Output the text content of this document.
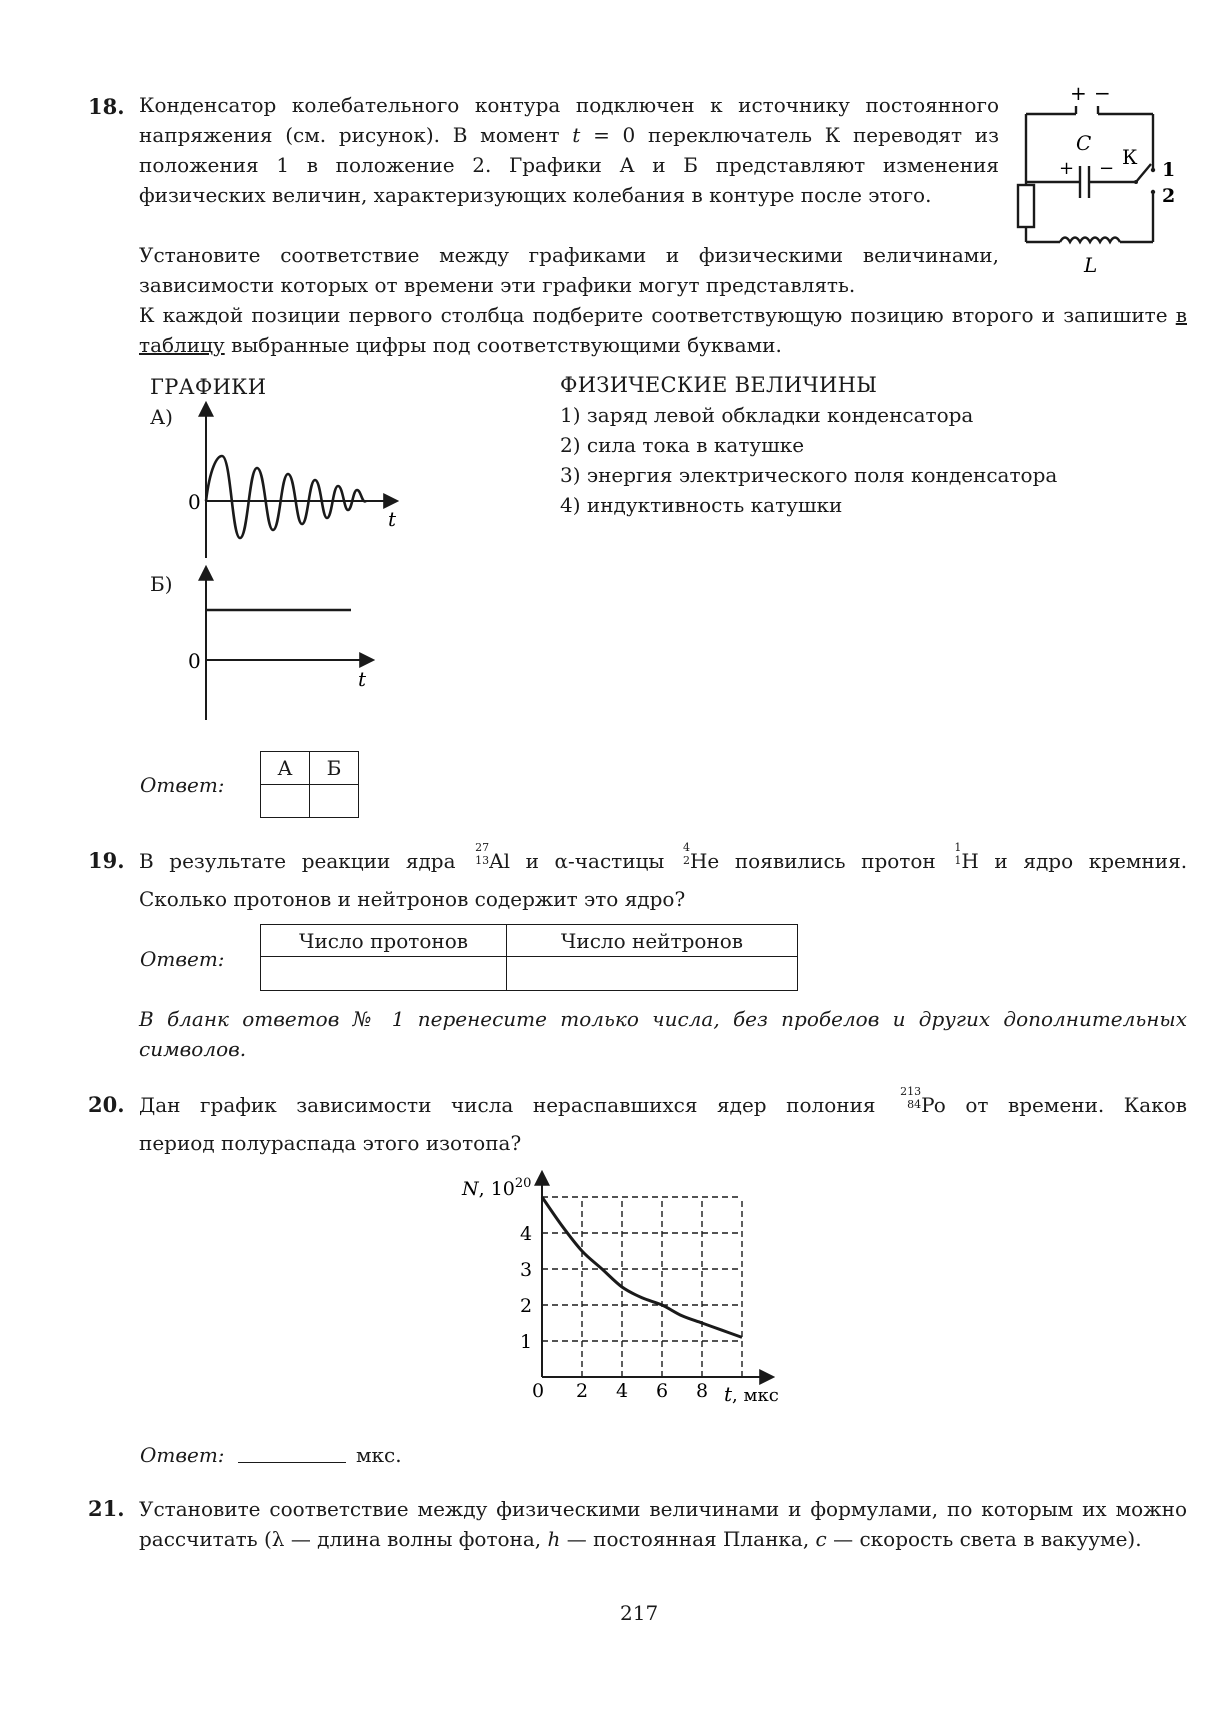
18. Конденсатор колебательного контура подключен к источнику постоянного напряжения (см. рисунок). В момент t = 0 переключатель К переводят из положения 1 в положение 2. Графики А и Б представляют изменения физических величин, характеризующих колебания в контуре после этого.

Установите соответствие между графиками и физическими величинами, зависимости которых от времени эти графики могут представлять.

К каждой позиции первого столбца подберите соответствующую позицию второго и запишите в таблицу выбранные цифры под соответствующими буквами.

+ −
C
+ − К
1
2
L
ГРАФИКИ
А)
0
t
Б)
0
t
ФИЗИЧЕСКИЕ ВЕЛИЧИНЫ
1) заряд левой обкладки конденсатора
2) сила тока в катушке
3) энергия электрического поля конденсатора
4) индуктивность катушки
Ответ:
А	Б

19. В результате реакции ядра
27
13 Al и α-частицы
4
2 He появились протон
1
1 H и ядро кремния.
Сколько протонов и нейтронов содержит это ядро?
Ответ:
Число протонов	Число нейтронов

В бланк ответов № 1 перенесите только числа, без пробелов и других дополнительных символов.
20. Дан график зависимости числа нераспавшихся ядер полония
213
84 Po от времени. Каков
период полураспада этого изотопа?
2 4 6 8
1
2
3
4
N, $10^{20}$
t, мкс
0
Ответ:	мкс.
21. Установите соответствие между физическими величинами и формулами, по которым их можно рассчитать (λ — длина волны фотона, h — постоянная Планка, c — скорость света в вакууме).

217
